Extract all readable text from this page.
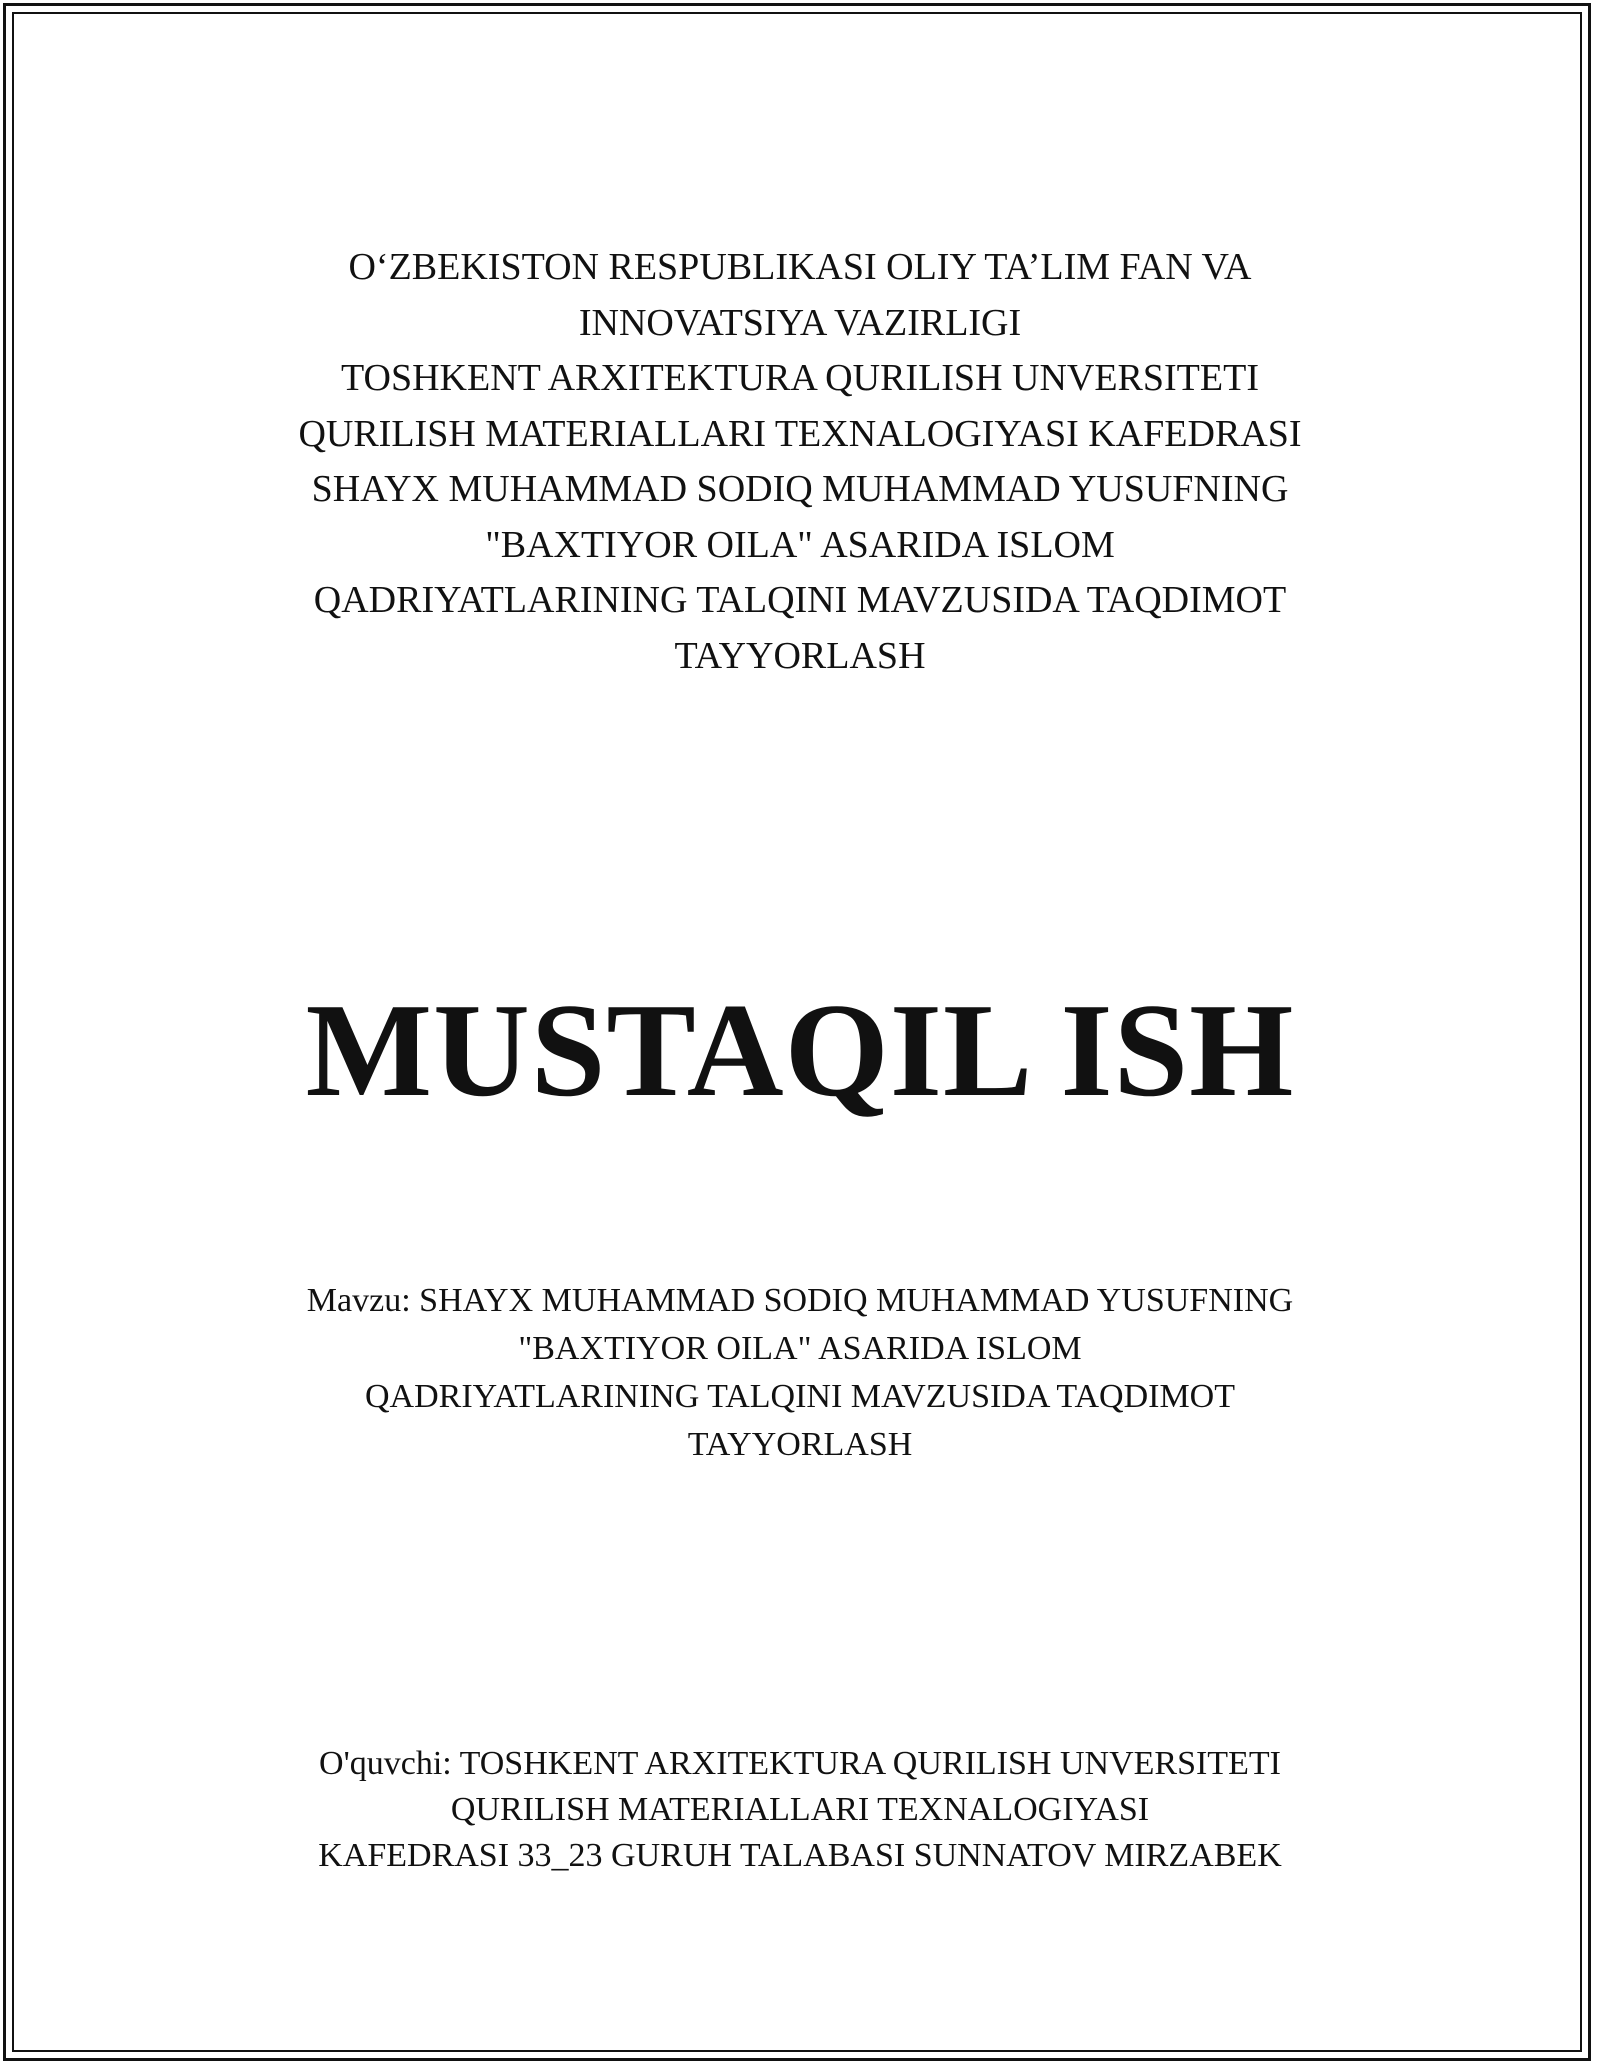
O‘ZBEKISTON RESPUBLIKASI OLIY TA’LIM FAN VA
INNOVATSIYA VAZIRLIGI
TOSHKENT ARXITEKTURA QURILISH UNVERSITETI
QURILISH MATERIALLARI TEXNALOGIYASI KAFEDRASI
SHAYX MUHAMMAD SODIQ MUHAMMAD YUSUFNING
"BAXTIYOR OILA" ASARIDA ISLOM
QADRIYATLARINING TALQINI MAVZUSIDA TAQDIMOT
TAYYORLASH
MUSTAQIL ISH
Mavzu: SHAYX MUHAMMAD SODIQ MUHAMMAD YUSUFNING
"BAXTIYOR OILA" ASARIDA ISLOM
QADRIYATLARINING TALQINI MAVZUSIDA TAQDIMOT
TAYYORLASH
O'quvchi: TOSHKENT ARXITEKTURA QURILISH UNVERSITETI
QURILISH MATERIALLARI TEXNALOGIYASI
KAFEDRASI 33_23 GURUH TALABASI SUNNATOV MIRZABEK
